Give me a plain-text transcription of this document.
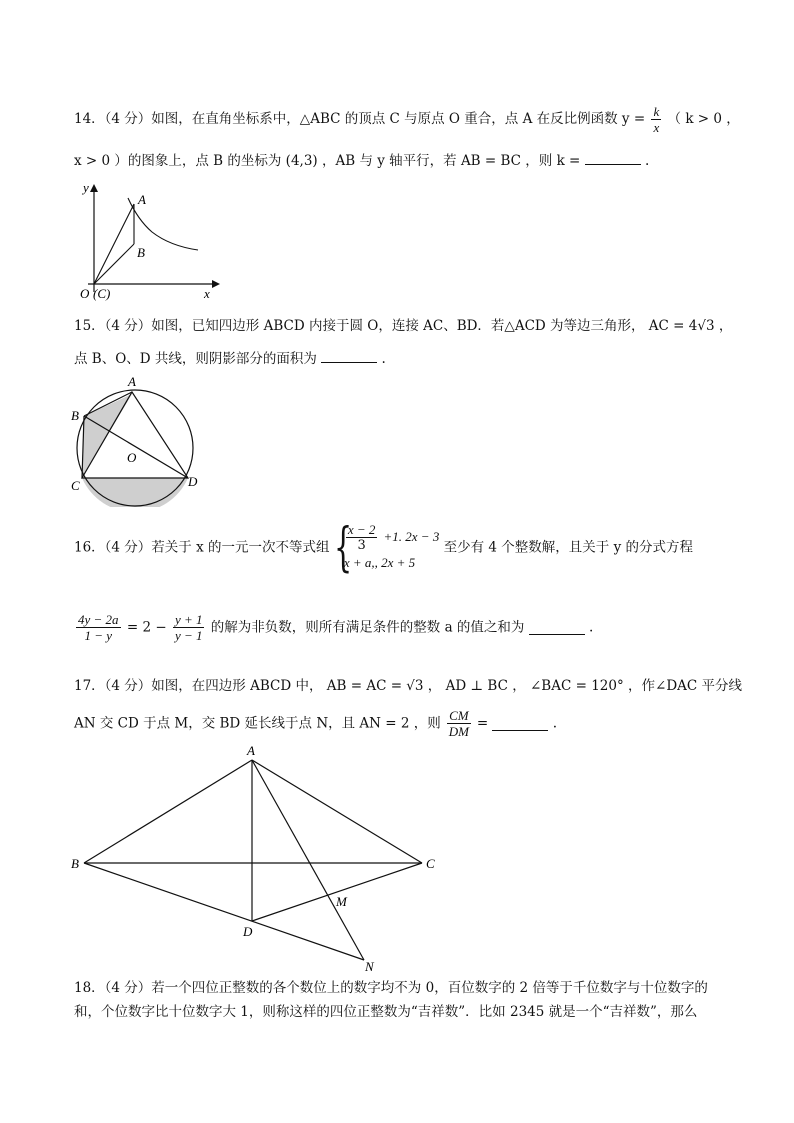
14．（4 分）如图，在直角坐标系中，△ABC 的顶点 C 与原点 O 重合，点 A 在反比例函数 $y = \frac{k}{x}$ （ k > 0 ，
x > 0 ）的图象上，点 B 的坐标为 (4,3) ，AB 与 y 轴平行，若 AB = BC ，则 k =	.
y
x
A
B
O (C)
15．（4 分）如图，已知四边形 ABCD 内接于圆 O，连接 AC、BD．若△ACD 为等边三角形， AC = 4√3 ，
点 B、O、D 共线，则阴影部分的面积为	.
A
B
C	D
O
16．（4 分）若关于 x 的一元一次不等式组 {
$\frac{x - 2}{3} +1$. 2x − 3
x + a,, 2x + 5
至少有 4 个整数解，且关于 y 的分式方程
$\frac{4y - 2a}{1 - y} = 2 - \frac{y + 1}{y - 1}$ 的解为非负数，则所有满足条件的整数 a 的值之和为	.
17．（4 分）如图，在四边形 ABCD 中， AB = AC = √3 ， AD ⊥ BC ， ∠BAC = 120° ，作∠DAC 平分线
AN 交 CD 于点 M，交 BD 延长线于点 N，且 AN = 2 ，则 $\frac{CM}{DM}$ =	.
A
B	C
D
M
N
18．（4 分）若一个四位正整数的各个数位上的数字均不为 0，百位数字的 2 倍等于千位数字与十位数字的
和，个位数字比十位数字大 1，则称这样的四位正整数为“吉祥数”．比如 2345 就是一个“吉祥数”，那么
